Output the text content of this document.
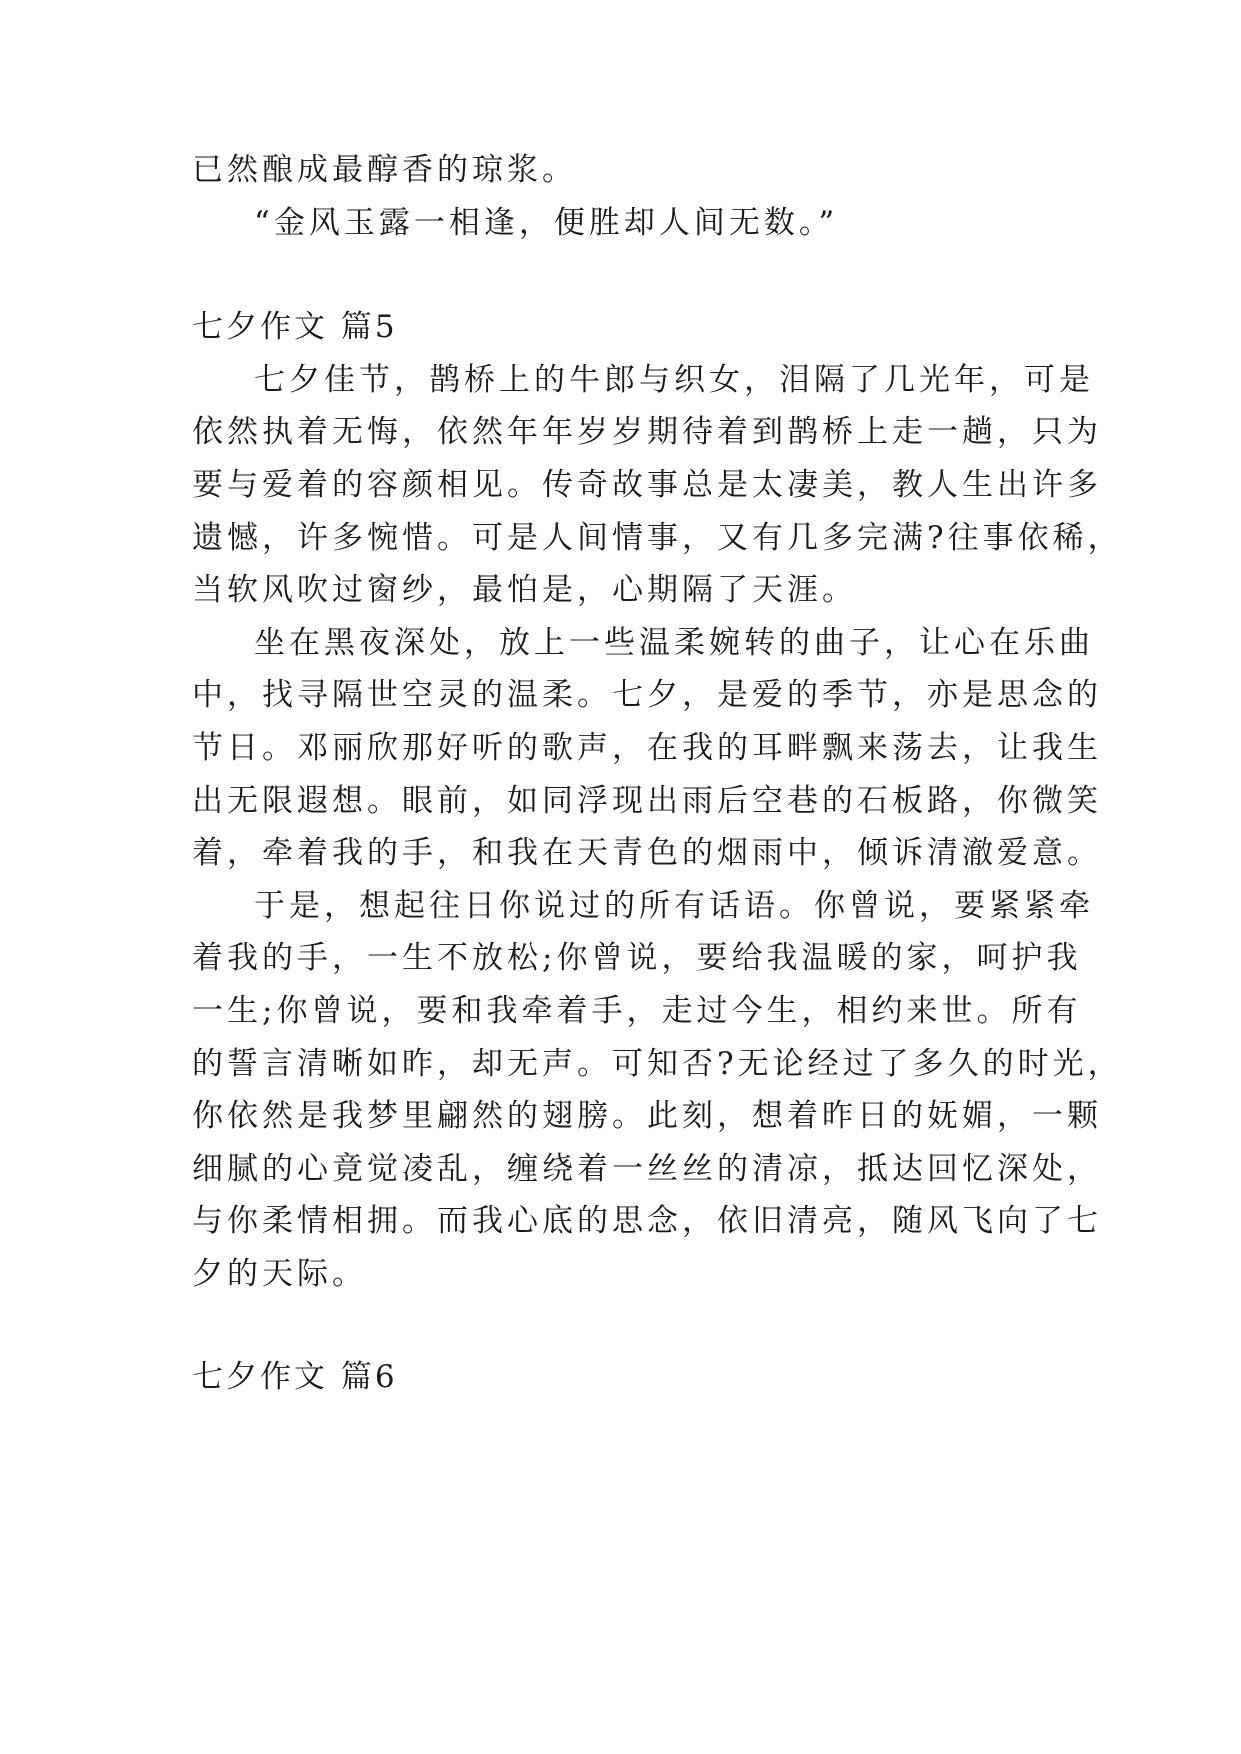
已然酿成最醇香的琼浆。
“金风玉露一相逢，便胜却人间无数。”
七夕作文 篇5
七夕佳节，鹊桥上的牛郎与织女，泪隔了几光年，可是
依然执着无悔，依然年年岁岁期待着到鹊桥上走一趟，只为
要与爱着的容颜相见。传奇故事总是太凄美，教人生出许多
遗憾，许多惋惜。可是人间情事，又有几多完满?往事依稀，
当软风吹过窗纱，最怕是，心期隔了天涯。
坐在黑夜深处，放上一些温柔婉转的曲子，让心在乐曲
中，找寻隔世空灵的温柔。七夕，是爱的季节，亦是思念的
节日。邓丽欣那好听的歌声，在我的耳畔飘来荡去，让我生
出无限遐想。眼前，如同浮现出雨后空巷的石板路，你微笑
着，牵着我的手，和我在天青色的烟雨中，倾诉清澈爱意。
于是，想起往日你说过的所有话语。你曾说，要紧紧牵
着我的手，一生不放松;你曾说，要给我温暖的家，呵护我
一生;你曾说，要和我牵着手，走过今生，相约来世。所有
的誓言清晰如昨，却无声。可知否?无论经过了多久的时光，
你依然是我梦里翩然的翅膀。此刻，想着昨日的妩媚，一颗
细腻的心竟觉凌乱，缠绕着一丝丝的清凉，抵达回忆深处，
与你柔情相拥。而我心底的思念，依旧清亮，随风飞向了七
夕的天际。
七夕作文 篇6
